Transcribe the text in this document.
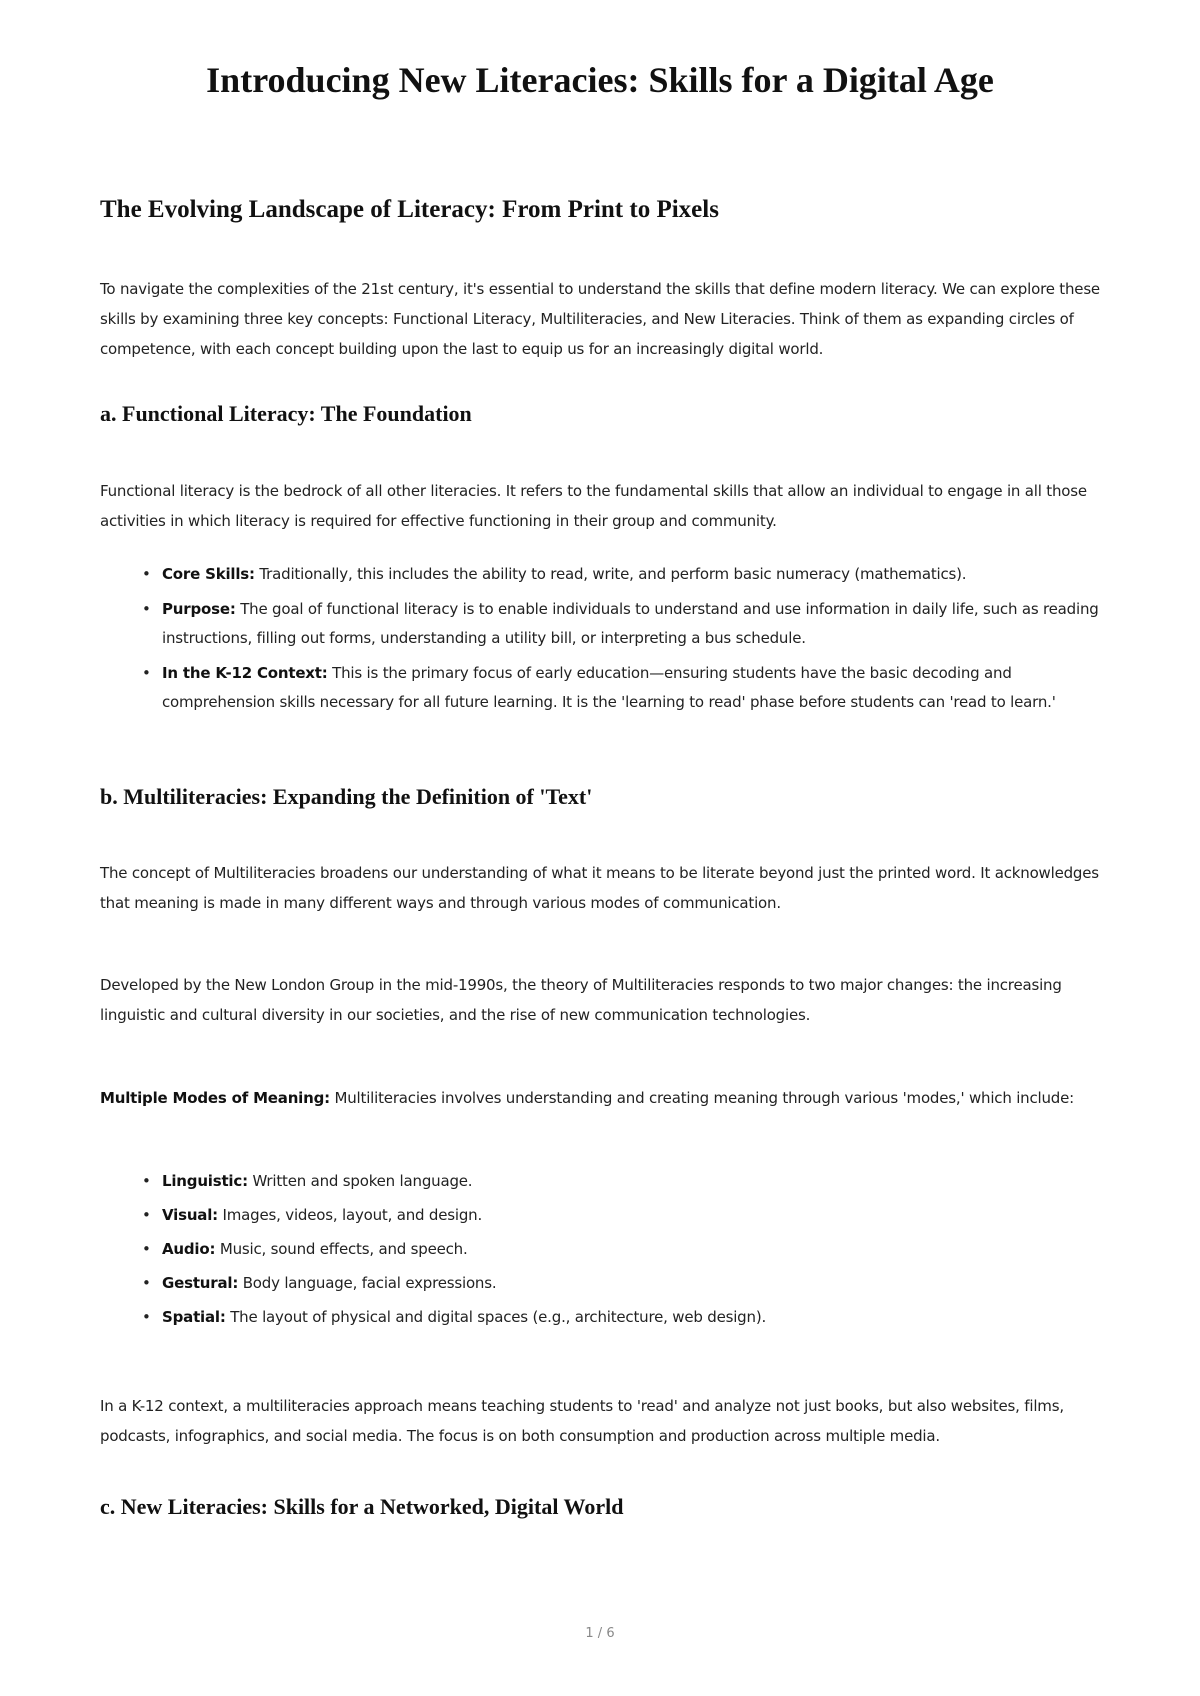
Introducing New Literacies: Skills for a Digital Age
The Evolving Landscape of Literacy: From Print to Pixels

To navigate the complexities of the 21st century, it's essential to understand the skills that define modern literacy. We can explore these skills by examining three key concepts: Functional Literacy, Multiliteracies, and New Literacies. Think of them as expanding circles of competence, with each concept building upon the last to equip us for an increasingly digital world.

a. Functional Literacy: The Foundation

Functional literacy is the bedrock of all other literacies. It refers to the fundamental skills that allow an individual to engage in all those activities in which literacy is required for effective functioning in their group and community.

• Core Skills: Traditionally, this includes the ability to read, write, and perform basic numeracy (mathematics).
• Purpose: The goal of functional literacy is to enable individuals to understand and use information in daily life, such as reading instructions, filling out forms, understanding a utility bill, or interpreting a bus schedule.
• In the K-12 Context: This is the primary focus of early education—ensuring students have the basic decoding and comprehension skills necessary for all future learning. It is the 'learning to read' phase before students can 'read to learn.'
b. Multiliteracies: Expanding the Definition of 'Text'

The concept of Multiliteracies broadens our understanding of what it means to be literate beyond just the printed word. It acknowledges that meaning is made in many different ways and through various modes of communication.

Developed by the New London Group in the mid-1990s, the theory of Multiliteracies responds to two major changes: the increasing linguistic and cultural diversity in our societies, and the rise of new communication technologies.

Multiple Modes of Meaning: Multiliteracies involves understanding and creating meaning through various 'modes,' which include:

• Linguistic: Written and spoken language.
• Visual: Images, videos, layout, and design.
• Audio: Music, sound effects, and speech.
• Gestural: Body language, facial expressions.
• Spatial: The layout of physical and digital spaces (e.g., architecture, web design).

In a K-12 context, a multiliteracies approach means teaching students to 'read' and analyze not just books, but also websites, films, podcasts, infographics, and social media. The focus is on both consumption and production across multiple media.

c. New Literacies: Skills for a Networked, Digital World
1 / 6
